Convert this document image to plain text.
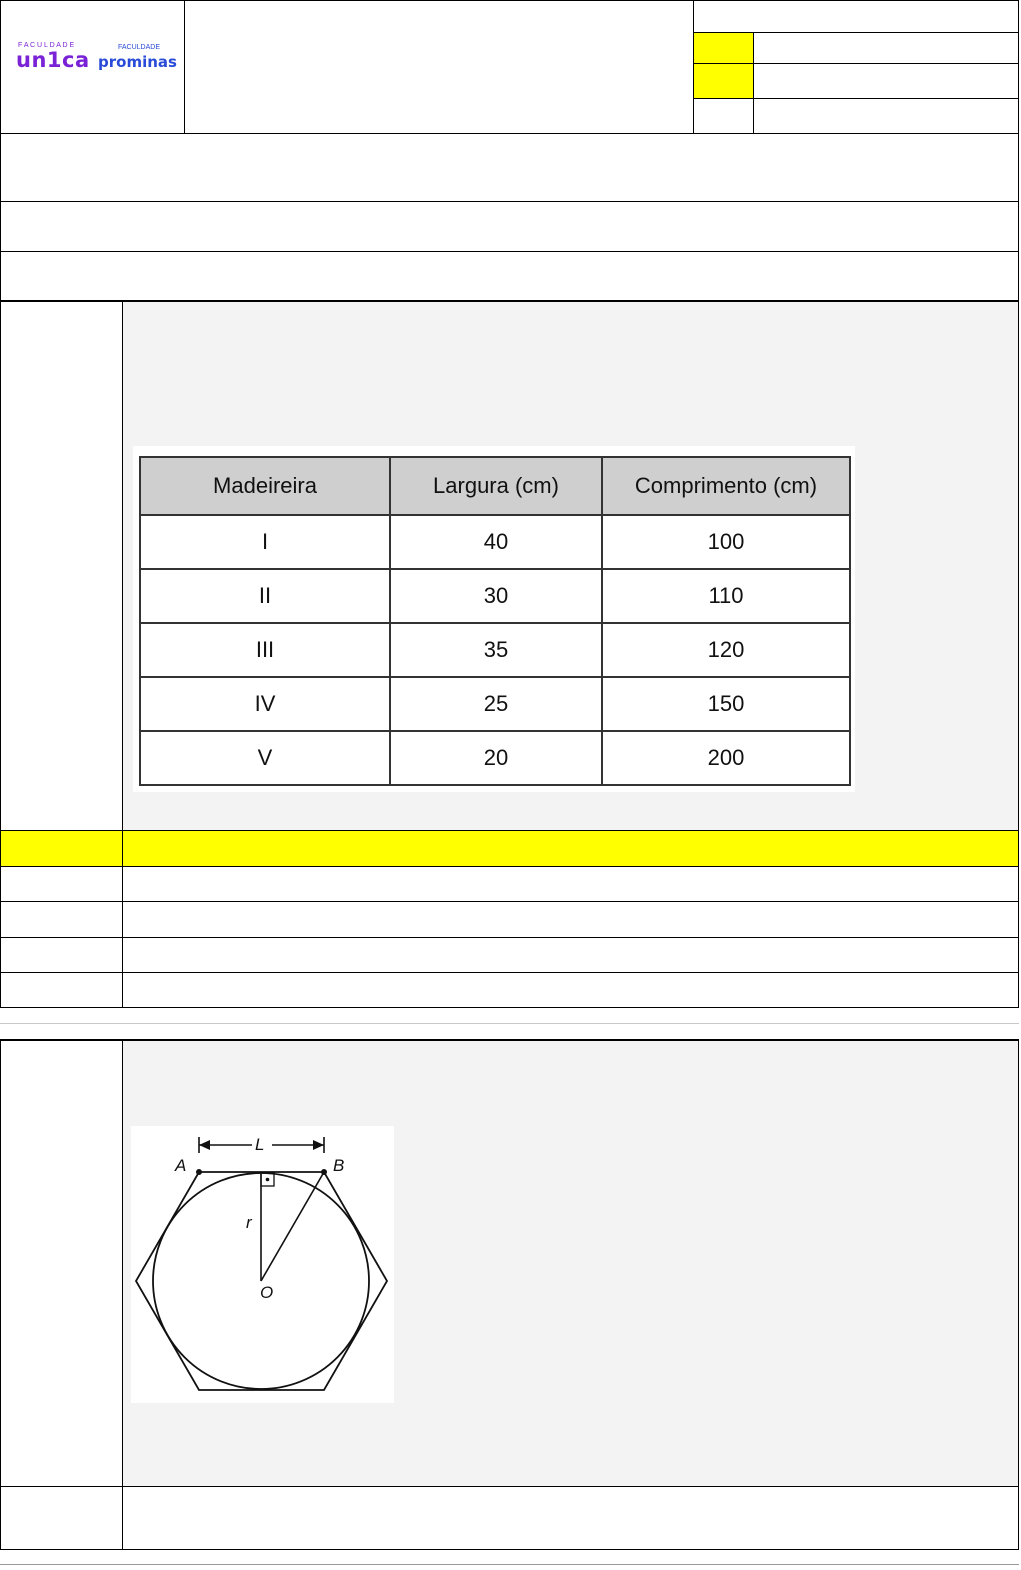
F A C U L D A D E
un1ca
FACULDADE
prominas
Madeireira	Largura (cm)	Comprimento (cm)
I	40	100
II	30	110
III	35	120
IV	25	150
V	20	200
L
A	B
r
O
